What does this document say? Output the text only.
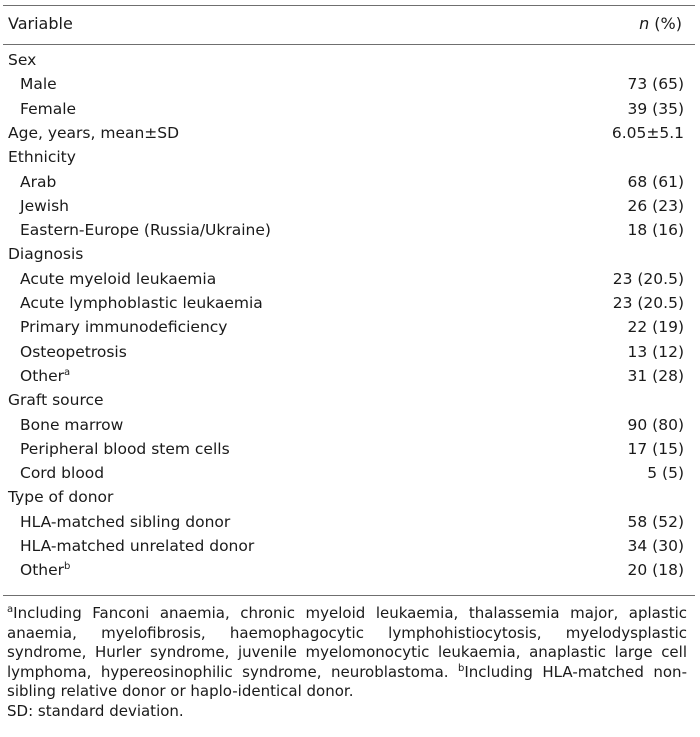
Variable	n (%)
Sex
Male	73 (65)
Female	39 (35)
Age, years, mean±SD	6.05±5.1
Ethnicity
Arab	68 (61)
Jewish	26 (23)
Eastern-Europe (Russia/Ukraine)	18 (16)
Diagnosis
Acute myeloid leukaemia	23 (20.5)
Acute lymphoblastic leukaemia	23 (20.5)
Primary immunodeficiency	22 (19)
Osteopetrosis	13 (12)
Other$^a$	31 (28)
Graft source
Bone marrow	90 (80)
Peripheral blood stem cells	17 (15)
Cord blood	5 (5)
Type of donor
HLA-matched sibling donor	58 (52)
HLA-matched unrelated donor	34 (30)
Other$^b$	20 (18)

$^a$Including Fanconi anaemia, chronic myeloid leukaemia, thalassemia major, aplastic anaemia, myelofibrosis, haemophagocytic lymphohistiocytosis, myelodysplastic syndrome, Hurler syndrome, juvenile myelomonocytic leukaemia, anaplastic large cell lymphoma, hypereosinophilic syndrome, neuroblastoma. $^b$Including HLA-matched non-sibling relative donor or haplo-identical donor.

SD: standard deviation.
